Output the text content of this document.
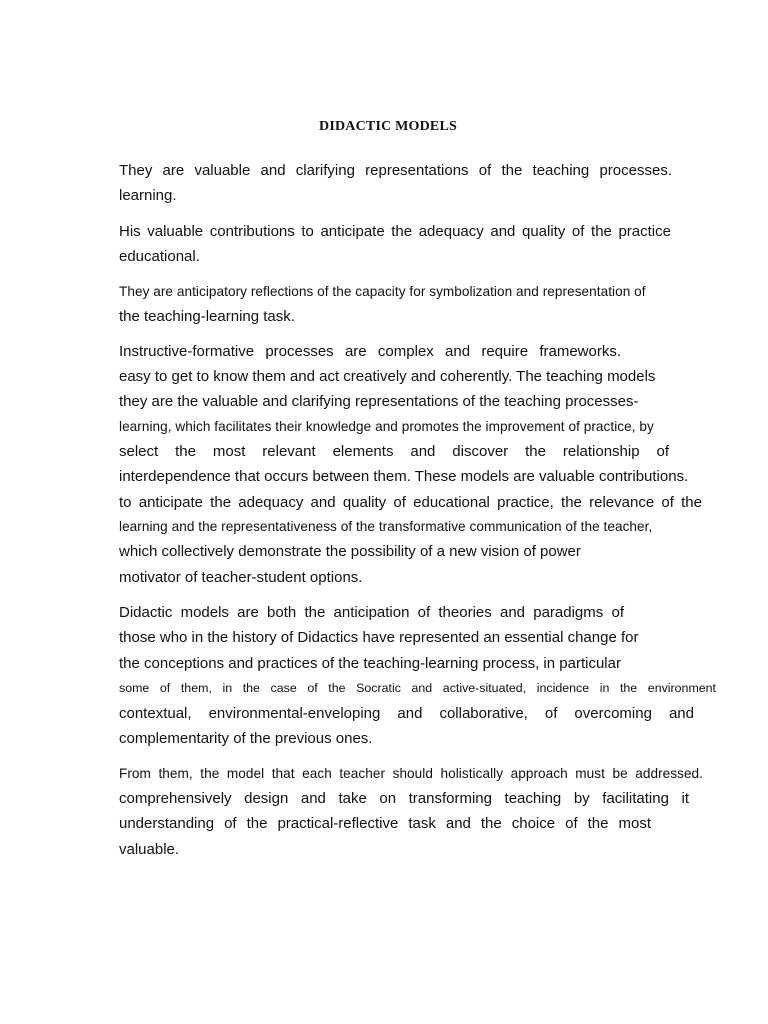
DIDACTIC MODELS
They are valuable and clarifying representations of the teaching processes.
learning.
His valuable contributions to anticipate the adequacy and quality of the practice
educational.
They are anticipatory reflections of the capacity for symbolization and representation of
the teaching-learning task.
Instructive-formative processes are complex and require frameworks.
easy to get to know them and act creatively and coherently. The teaching models
they are the valuable and clarifying representations of the teaching processes-
learning, which facilitates their knowledge and promotes the improvement of practice, by
select the most relevant elements and discover the relationship of
interdependence that occurs between them. These models are valuable contributions.
to anticipate the adequacy and quality of educational practice, the relevance of the
learning and the representativeness of the transformative communication of the teacher,
which collectively demonstrate the possibility of a new vision of power
motivator of teacher-student options.
Didactic models are both the anticipation of theories and paradigms of
those who in the history of Didactics have represented an essential change for
the conceptions and practices of the teaching-learning process, in particular
some of them, in the case of the Socratic and active-situated, incidence in the environment
contextual, environmental-enveloping and collaborative, of overcoming and
complementarity of the previous ones.
From them, the model that each teacher should holistically approach must be addressed.
comprehensively design and take on transforming teaching by facilitating it
understanding of the practical-reflective task and the choice of the most
valuable.
